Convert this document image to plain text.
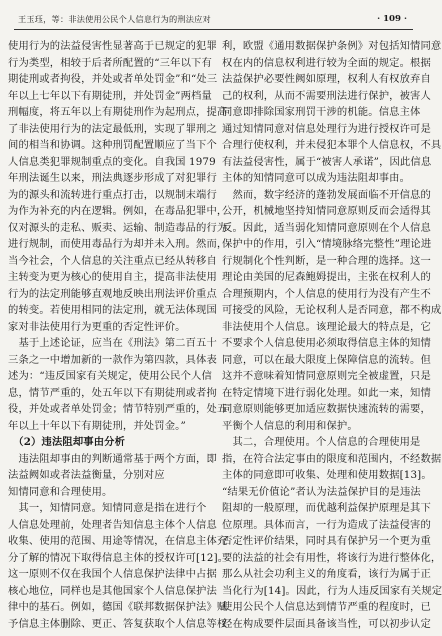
王玉珏，等：非法使用公民个人信息行为的刑法应对	· 109 ·
使用行为的法益侵害性显著高于已规定的犯罪
行为类型，相较于后者所配置的“三年以下有
期徒刑或者拘役，并处或者单处罚金”和“处三
年以上七年以下有期徒刑，并处罚金”两档量
刑幅度，将五年以上有期徒刑作为起刑点，提高
了非法使用行为的法定最低刑，实现了罪刑之
间的相当和协调。这种刑罚配置顺应了当下个
人信息类犯罪规制重点的变化。自我国 1979
年刑法诞生以来，刑法典逐步形成了对犯罪行
为的源头和流转进行重点打击，以规制末端行
为作为补充的内在逻辑。例如，在毒品犯罪中，
仅对源头的走私、贩卖、运输、制造毒品的行为
进行规制，而使用毒品行为却并未入刑。然而，
当今社会，个人信息的关注重点已经从转移自
主转变为更为核心的使用自主，提高非法使用
行为的法定刑能够直观地反映出刑法评价重点
的转变。若使用相同的法定刑，就无法体现国
家对非法使用行为更重的否定性评价。
　基于上述论证，应当在《刑法》第二百五十
三条之一中增加新的一款作为第四款，具体表
述为：“违反国家有关规定，使用公民个人信
息，情节严重的，处五年以下有期徒刑或者拘
役，并处或者单处罚金；情节特别严重的，处五
年以上十年以下有期徒刑，并处罚金。”
　（2）违法阻却事由分析
　违法阻却事由的判断通常基于两个方面，即
法益阙如或者法益衡量，分别对应
知情同意和合理使用。
　其一，知情同意。知情同意是指在进行个
人信息处理前，处理者告知信息主体个人信息
收集、使用的范围、用途等情况，在信息主体充
分了解的情况下取得信息主体的授权许可[12]。
这一原则不仅在我国个人信息保护法律中占据
核心地位，同样也是其他国家个人信息保护法
律中的基石。例如，德国《联邦数据保护法》赋
予信息主体删除、更正、答复获取个人信息等权
利，欧盟《通用数据保护条例》对包括知情同意
权在内的信息权利进行较为全面的规定。根据
法益保护必要性阙如原理，权利人有权放弃自
己的权利，从而不需要刑法进行保护，被害人
同意即排除国家刑罚干涉的机能。信息主体
通过知情同意对信息处理行为进行授权许可是
合理行使权利，并未侵犯本罪个人信息权，不具
有法益侵害性，属于“被害人承诺”，因此信息
主体的知情同意可以成为违法阻却事由。
　然而，数字经济的蓬勃发展面临不开信息的
公开，机械地坚持知情同意原则反而会适得其
反。因此，适当弱化知情同意原则在个人信息
保护中的作用，引入“情境脉络完整性”理论进
行规制化个性判断，是一种合理的选择。这一
理论由美国的尼森鲍姆提出，主张在权利人的
合理预期内，个人信息的使用行为没有产生不
可接受的风险，无论权利人是否同意，都不构成
非法使用个人信息。该理论最大的特点是，它
不要求个人信息使用必须取得信息主体的知情
同意，可以在最大限度上保障信息的流转。但
这并不意味着知情同意原则完全被虚置，只是
在特定情境下进行弱化处理。如此一来，知情
同意原则能够更加适应数据快速流转的需要，
平衡个人信息的利用和保护。
　其二，合理使用。个人信息的合理使用是
指，在符合法定事由的限度和范围内，不经数据
主体的同意即可收集、处理和使用数据[13]。
“结果无价值论”者认为法益保护目的是违法
阻却的一般原理，而优越利益保护原理是其下
位原理。具体而言，一行为造成了法益侵害的
否定性评价结果，同时具有保护另一个更为重
要的法益的社会有用性，将该行为进行整体化，
那么从社会功利主义的角度看，该行为属于正
当化行为[14]。因此，行为人违反国家有关规定
使用公民个人信息达到情节严重的程度时，已
经在构成要件层面具备该当性，可以初步认定
